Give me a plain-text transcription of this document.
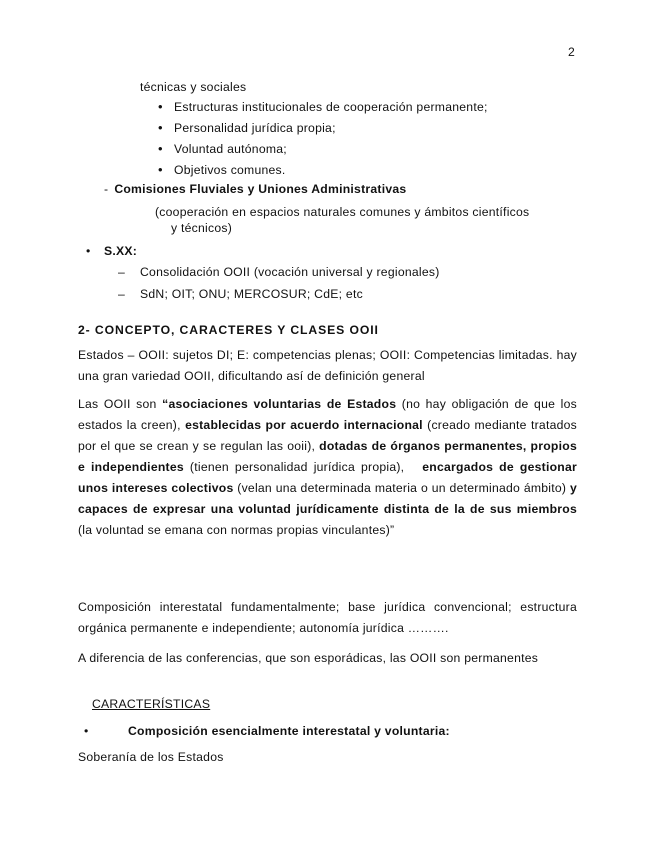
2
técnicas y sociales
• Estructuras institucionales de cooperación permanente;
• Personalidad jurídica propia;
• Voluntad autónoma;
• Objetivos comunes.
- Comisiones Fluviales y Uniones Administrativas
(cooperación en espacios naturales comunes y ámbitos científicos
y técnicos)
• S.XX:
– Consolidación OOII (vocación universal y regionales)
– SdN; OIT; ONU; MERCOSUR; CdE; etc
2- CONCEPTO, CARACTERES Y CLASES OOII
Estados – OOII: sujetos DI; E: competencias plenas; OOII: Competencias limitadas. hay una gran variedad OOII, dificultando así de definición general
Las OOII son “asociaciones voluntarias de Estados (no hay obligación de que los estados la creen), establecidas por acuerdo internacional (creado mediante tratados por el que se crean y se regulan las ooii), dotadas de órganos permanentes, propios e independientes (tienen personalidad jurídica propia),   encargados de gestionar unos intereses colectivos (velan una determinada materia o un determinado ámbito) y capaces de expresar una voluntad jurídicamente distinta de la de sus miembros (la voluntad se emana con normas propias vinculantes)”
Composición interestatal fundamentalmente; base jurídica convencional; estructura orgánica permanente e independiente; autonomía jurídica ……….
A diferencia de las conferencias, que son esporádicas, las OOII son permanentes
CARACTERÍSTICAS
•	Composición esencialmente interestatal y voluntaria:
Soberanía de los Estados
